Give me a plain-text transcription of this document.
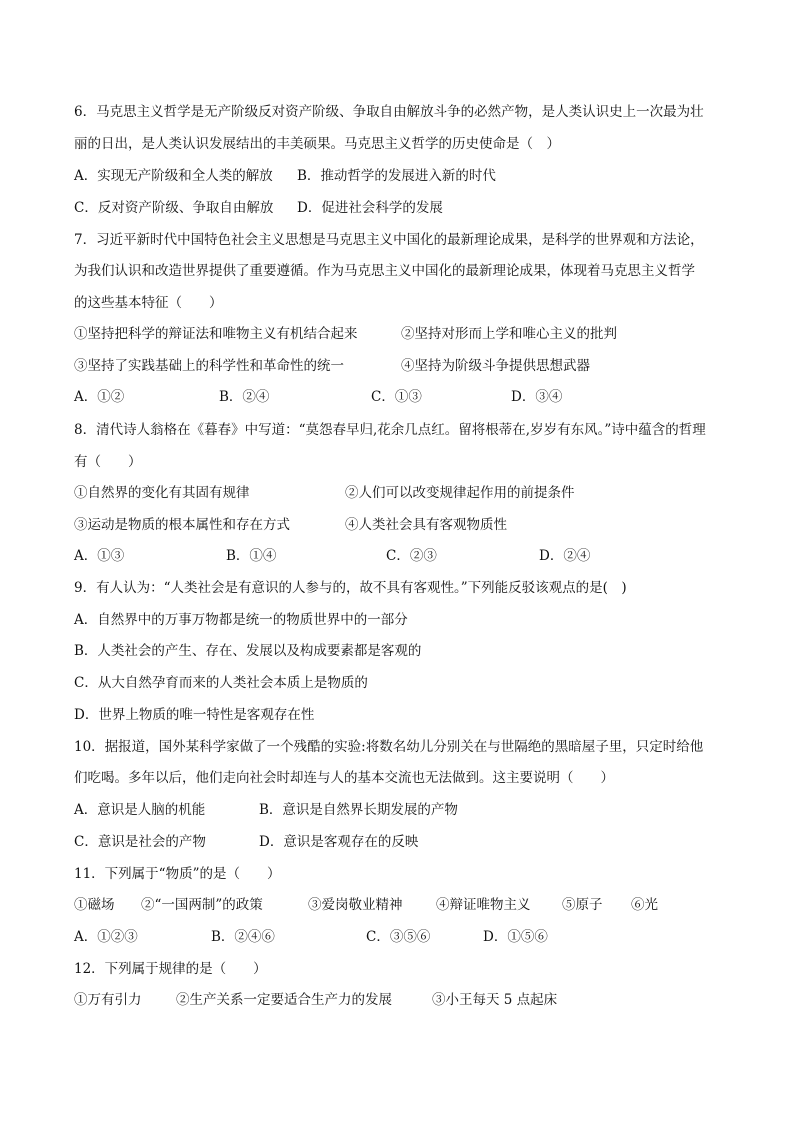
6．马克思主义哲学是无产阶级反对资产阶级、争取自由解放斗争的必然产物，是人类认识史上一次最为壮
丽的日出，是人类认识发展结出的丰美硕果。马克思主义哲学的历史使命是（　）
A．实现无产阶级和全人类的解放 B．推动哲学的发展进入新的时代
C．反对资产阶级、争取自由解放 D．促进社会科学的发展
7．习近平新时代中国特色社会主义思想是马克思主义中国化的最新理论成果，是科学的世界观和方法论，
为我们认识和改造世界提供了重要遵循。作为马克思主义中国化的最新理论成果，体现着马克思主义哲学
的这些基本特征（　　）
①坚持把科学的辩证法和唯物主义有机结合起来	②坚持对形而上学和唯心主义的批判
③坚持了实践基础上的科学性和革命性的统一	④坚持为阶级斗争提供思想武器
A．①②	B．②④	C．①③	D．③④
8．清代诗人翁格在《暮春》中写道：“莫怨春早归,花余几点红。留将根蒂在,岁岁有东风。”诗中蕴含的哲理
有（　　）
①自然界的变化有其固有规律	②人们可以改变规律起作用的前提条件
③运动是物质的根本属性和存在方式	④人类社会具有客观物质性
A．①③	B．①④	C．②③	D．②④
9．有人认为：“人类社会是有意识的人参与的，故不具有客观性。”下列能反驳该观点的是(　)
A．自然界中的万事万物都是统一的物质世界中的一部分
B．人类社会的产生、存在、发展以及构成要素都是客观的
C．从大自然孕育而来的人类社会本质上是物质的
D．世界上物质的唯一特性是客观存在性
10．据报道，国外某科学家做了一个残酷的实验:将数名幼儿分别关在与世隔绝的黑暗屋子里，只定时给他
们吃喝。多年以后，他们走向社会时却连与人的基本交流也无法做到。这主要说明（　　）
A．意识是人脑的机能	B．意识是自然界长期发展的产物
C．意识是社会的产物	D．意识是客观存在的反映
11．下列属于“物质”的是（　　）
①磁场 ②“一国两制”的政策	③爱岗敬业精神 ④辩证唯物主义 ⑤原子 ⑥光
A．①②③	B．②④⑥	C．③⑤⑥	D．①⑤⑥
12．下列属于规律的是（　　）
①万有引力	②生产关系一定要适合生产力的发展	③小王每天 5 点起床
